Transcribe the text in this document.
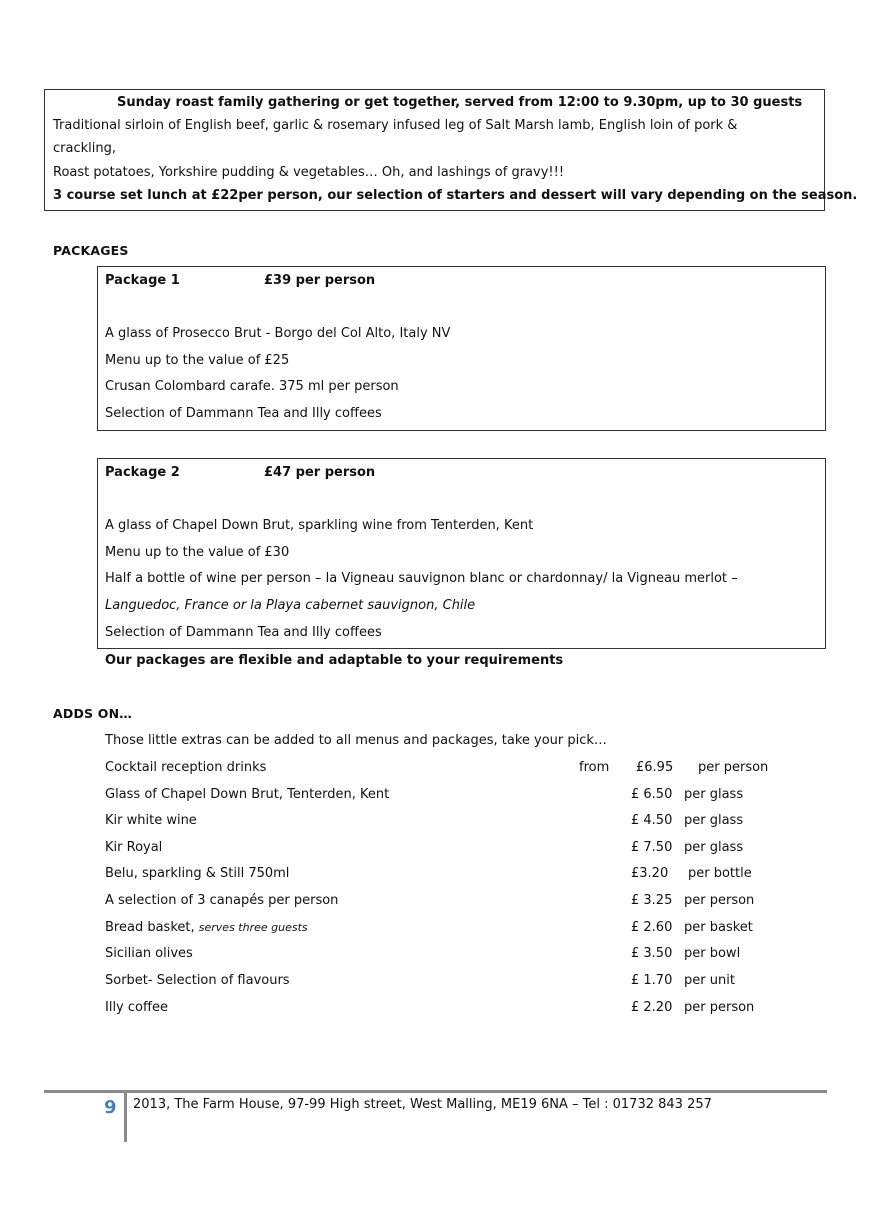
Sunday roast family gathering or get together, served from 12:00 to 9.30pm, up to 30 guests
Traditional sirloin of English beef, garlic & rosemary infused leg of Salt Marsh lamb, English loin of pork &
crackling,
Roast potatoes, Yorkshire pudding & vegetables… Oh, and lashings of gravy!!!
3 course set lunch at £22per person, our selection of starters and dessert will vary depending on the season.
PACKAGES
Package 1	£39 per person
A glass of Prosecco Brut - Borgo del Col Alto, Italy NV
Menu up to the value of £25
Crusan Colombard carafe. 375 ml per person
Selection of Dammann Tea and Illy coffees
Package 2	£47 per person
A glass of Chapel Down Brut, sparkling wine from Tenterden, Kent
Menu up to the value of £30
Half a bottle of wine per person – la Vigneau sauvignon blanc or chardonnay/ la Vigneau merlot –
Languedoc, France or la Playa cabernet sauvignon, Chile
Selection of Dammann Tea and Illy coffees
Our packages are flexible and adaptable to your requirements
ADDS ON…
Those little extras can be added to all menus and packages, take your pick…
Cocktail reception drinks	from £6.95 per person
Glass of Chapel Down Brut, Tenterden, Kent	£ 6.50 per glass
Kir white wine	£ 4.50 per glass
Kir Royal	£ 7.50 per glass
Belu, sparkling & Still 750ml	£3.20 per bottle
A selection of 3 canapés per person	£ 3.25 per person
Bread basket, serves three guests	£ 2.60 per basket
Sicilian olives	£ 3.50 per bowl
Sorbet- Selection of flavours	£ 1.70 per unit
Illy coffee	£ 2.20 per person
9 2013, The Farm House, 97-99 High street, West Malling, ME19 6NA – Tel : 01732 843 257
